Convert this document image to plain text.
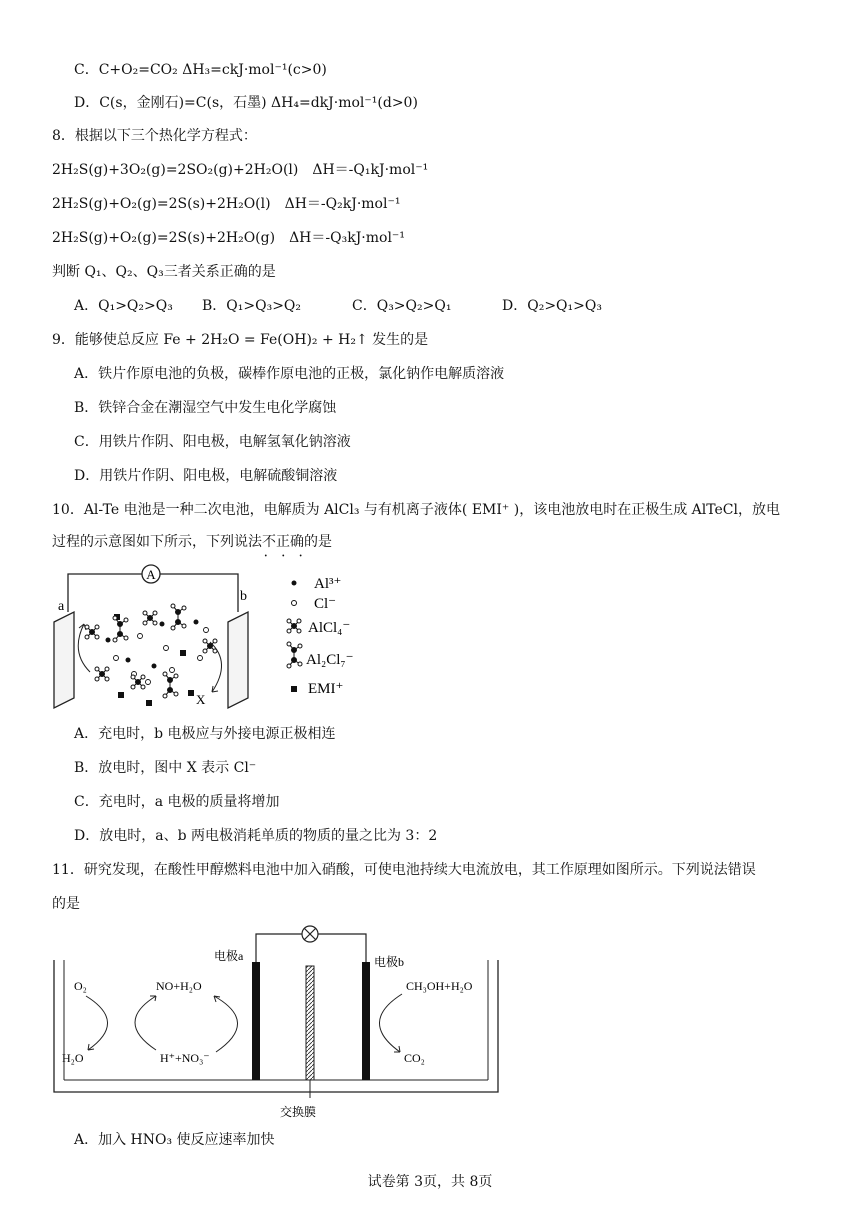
C．C+O₂=CO₂ ΔH₃=ckJ·mol⁻¹(c>0)
D．C(s，金刚石)=C(s，石墨) ΔH₄=dkJ·mol⁻¹(d>0)
8．根据以下三个热化学方程式：
2H₂S(g)+3O₂(g)=2SO₂(g)+2H₂O(l)　ΔH＝-Q₁kJ·mol⁻¹
2H₂S(g)+O₂(g)=2S(s)+2H₂O(l)　ΔH＝-Q₂kJ·mol⁻¹
2H₂S(g)+O₂(g)=2S(s)+2H₂O(g)　ΔH＝-Q₃kJ·mol⁻¹
判断 Q₁、Q₂、Q₃三者关系正确的是
A．Q₁>Q₂>Q₃ B．Q₁>Q₃>Q₂	C．Q₃>Q₂>Q₁	D．Q₂>Q₁>Q₃
9．能够使总反应 Fe + 2H₂O = Fe(OH)₂ + H₂↑ 发生的是
A．铁片作原电池的负极，碳棒作原电池的正极，氯化钠作电解质溶液
B．铁锌合金在潮湿空气中发生电化学腐蚀
C．用铁片作阴、阳电极，电解氢氧化钠溶液
D．用铁片作阴、阳电极，电解硫酸铜溶液
10．Al-Te 电池是一种二次电池，电解质为 AlCl₃ 与有机离子液体( EMI⁺ )，该电池放电时在正极生成 AlTeCl，放电
过程的示意图如下所示，下列说法不正确 • • •的是
A
a
b
X
Al³⁺
Cl⁻
AlCl₄⁻
Al₂Cl₇⁻
EMI⁺
A．充电时，b 电极应与外接电源正极相连
B．放电时，图中 X 表示 Cl⁻
C．充电时，a 电极的质量将增加
D．放电时，a、b 两电极消耗单质的物质的量之比为 3：2
11．研究发现，在酸性甲醇燃料电池中加入硝酸，可使电池持续大电流放电，其工作原理如图所示。下列说法错误
的是
电极a	电极b
O₂	NO+H₂O
H₂O	H⁺+NO₃⁻
CH₃OH+H₂O
CO₂
交换膜
A．加入 HNO₃ 使反应速率加快
试卷第 3页，共 8页
